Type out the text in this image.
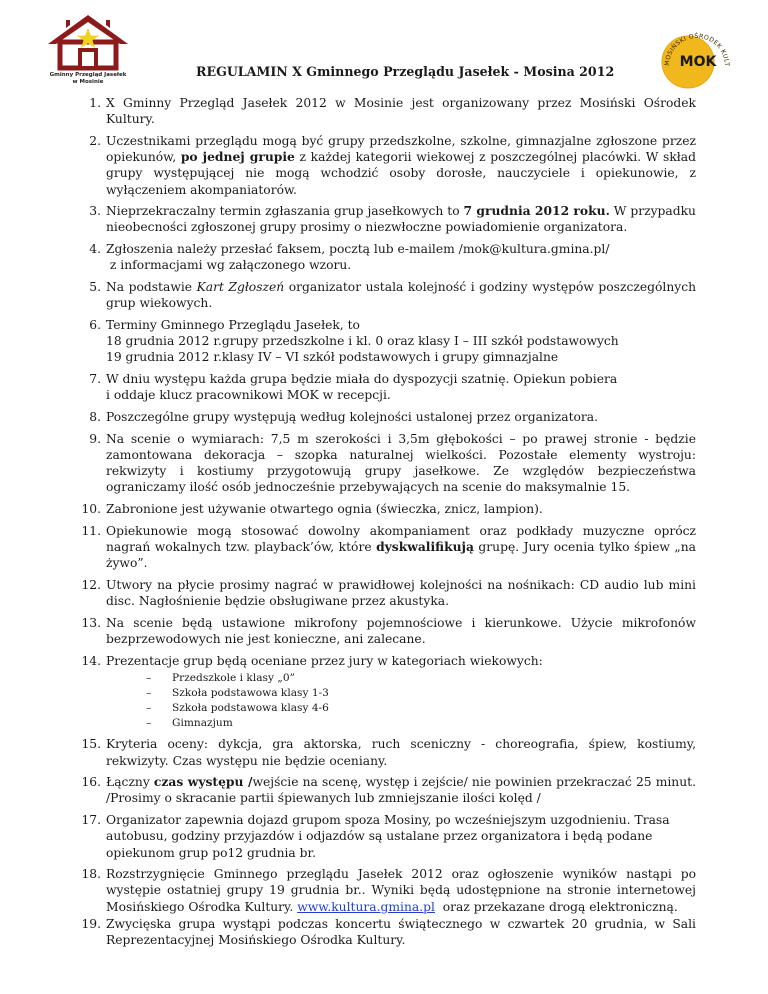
Gminny Przegląd Jasełek
w Mosinie
MOSIŃSKI OŚRODEK KULT
MOK
REGULAMIN X Gminnego Przeglądu Jasełek - Mosina 2012
1. X Gminny Przegląd Jasełek 2012 w Mosinie jest organizowany przez Mosiński Ośrodek Kultury.
2. Uczestnikami przeglądu mogą być grupy przedszkolne, szkolne, gimnazjalne zgłoszone przez opiekunów, po jednej grupie z każdej kategorii wiekowej z poszczególnej placówki. W skład grupy występującej nie mogą wchodzić osoby dorosłe, nauczyciele i opiekunowie, z wyłączeniem akompaniatorów.
3. Nieprzekraczalny termin zgłaszania grup jasełkowych to 7 grudnia 2012 roku. W przypadku nieobecności zgłoszonej grupy prosimy o niezwłoczne powiadomienie organizatora.
4. Zgłoszenia należy przesłać faksem, pocztą lub e-mailem /mok@kultura.gmina.pl/
z informacjami wg załączonego wzoru.
5. Na podstawie Kart Zgłoszeń organizator ustala kolejność i godziny występów poszczególnych grup wiekowych.
6. Terminy Gminnego Przeglądu Jasełek, to
18 grudnia 2012 r.grupy przedszkolne i kl. 0 oraz klasy I – III szkół podstawowych
19 grudnia 2012 r.klasy IV – VI szkół podstawowych i grupy gimnazjalne
7. W dniu występu każda grupa będzie miała do dyspozycji szatnię. Opiekun pobiera
i oddaje klucz pracownikowi MOK w recepcji.
8. Poszczególne grupy występują według kolejności ustalonej przez organizatora.
9. Na scenie o wymiarach: 7,5 m szerokości i 3,5m głębokości – po prawej stronie - będzie zamontowana dekoracja – szopka naturalnej wielkości. Pozostałe elementy wystroju: rekwizyty i kostiumy przygotowują grupy jasełkowe. Ze względów bezpieczeństwa ograniczamy ilość osób jednocześnie przebywających na scenie do maksymalnie 15.
10. Zabronione jest używanie otwartego ognia (świeczka, znicz, lampion).
11. Opiekunowie mogą stosować dowolny akompaniament oraz podkłady muzyczne oprócz nagrań wokalnych tzw. playback’ów, które dyskwalifikują grupę. Jury ocenia tylko śpiew „na żywo”.
12. Utwory na płycie prosimy nagrać w prawidłowej kolejności na nośnikach: CD audio lub mini disc. Nagłośnienie będzie obsługiwane przez akustyka.
13. Na scenie będą ustawione mikrofony pojemnościowe i kierunkowe. Użycie mikrofonów bezprzewodowych nie jest konieczne, ani zalecane.
14. Prezentacje grup będą oceniane przez jury w kategoriach wiekowych:
– Przedszkole i klasy „0”
– Szkoła podstawowa klasy 1-3
– Szkoła podstawowa klasy 4-6
– Gimnazjum
15. Kryteria oceny: dykcja, gra aktorska, ruch sceniczny - choreografia, śpiew, kostiumy, rekwizyty. Czas występu nie będzie oceniany.
16. Łączny czas występu /wejście na scenę, występ i zejście/ nie powinien przekraczać 25 minut. /Prosimy o skracanie partii śpiewanych lub zmniejszanie ilości kolęd /
17. Organizator zapewnia dojazd grupom spoza Mosiny, po wcześniejszym uzgodnieniu. Trasa
autobusu, godziny przyjazdów i odjazdów są ustalane przez organizatora i będą podane
opiekunom grup po12 grudnia br.
18. Rozstrzygnięcie Gminnego przeglądu Jasełek 2012 oraz ogłoszenie wyników nastąpi po występie ostatniej grupy 19 grudnia br.. Wyniki będą udostępnione na stronie internetowej Mosińskiego Ośrodka Kultury. www.kultura.gmina.pl  oraz przekazane drogą elektroniczną.
19. Zwycięska grupa wystąpi podczas koncertu świątecznego w czwartek 20 grudnia, w Sali Reprezentacyjnej Mosińskiego Ośrodka Kultury.
